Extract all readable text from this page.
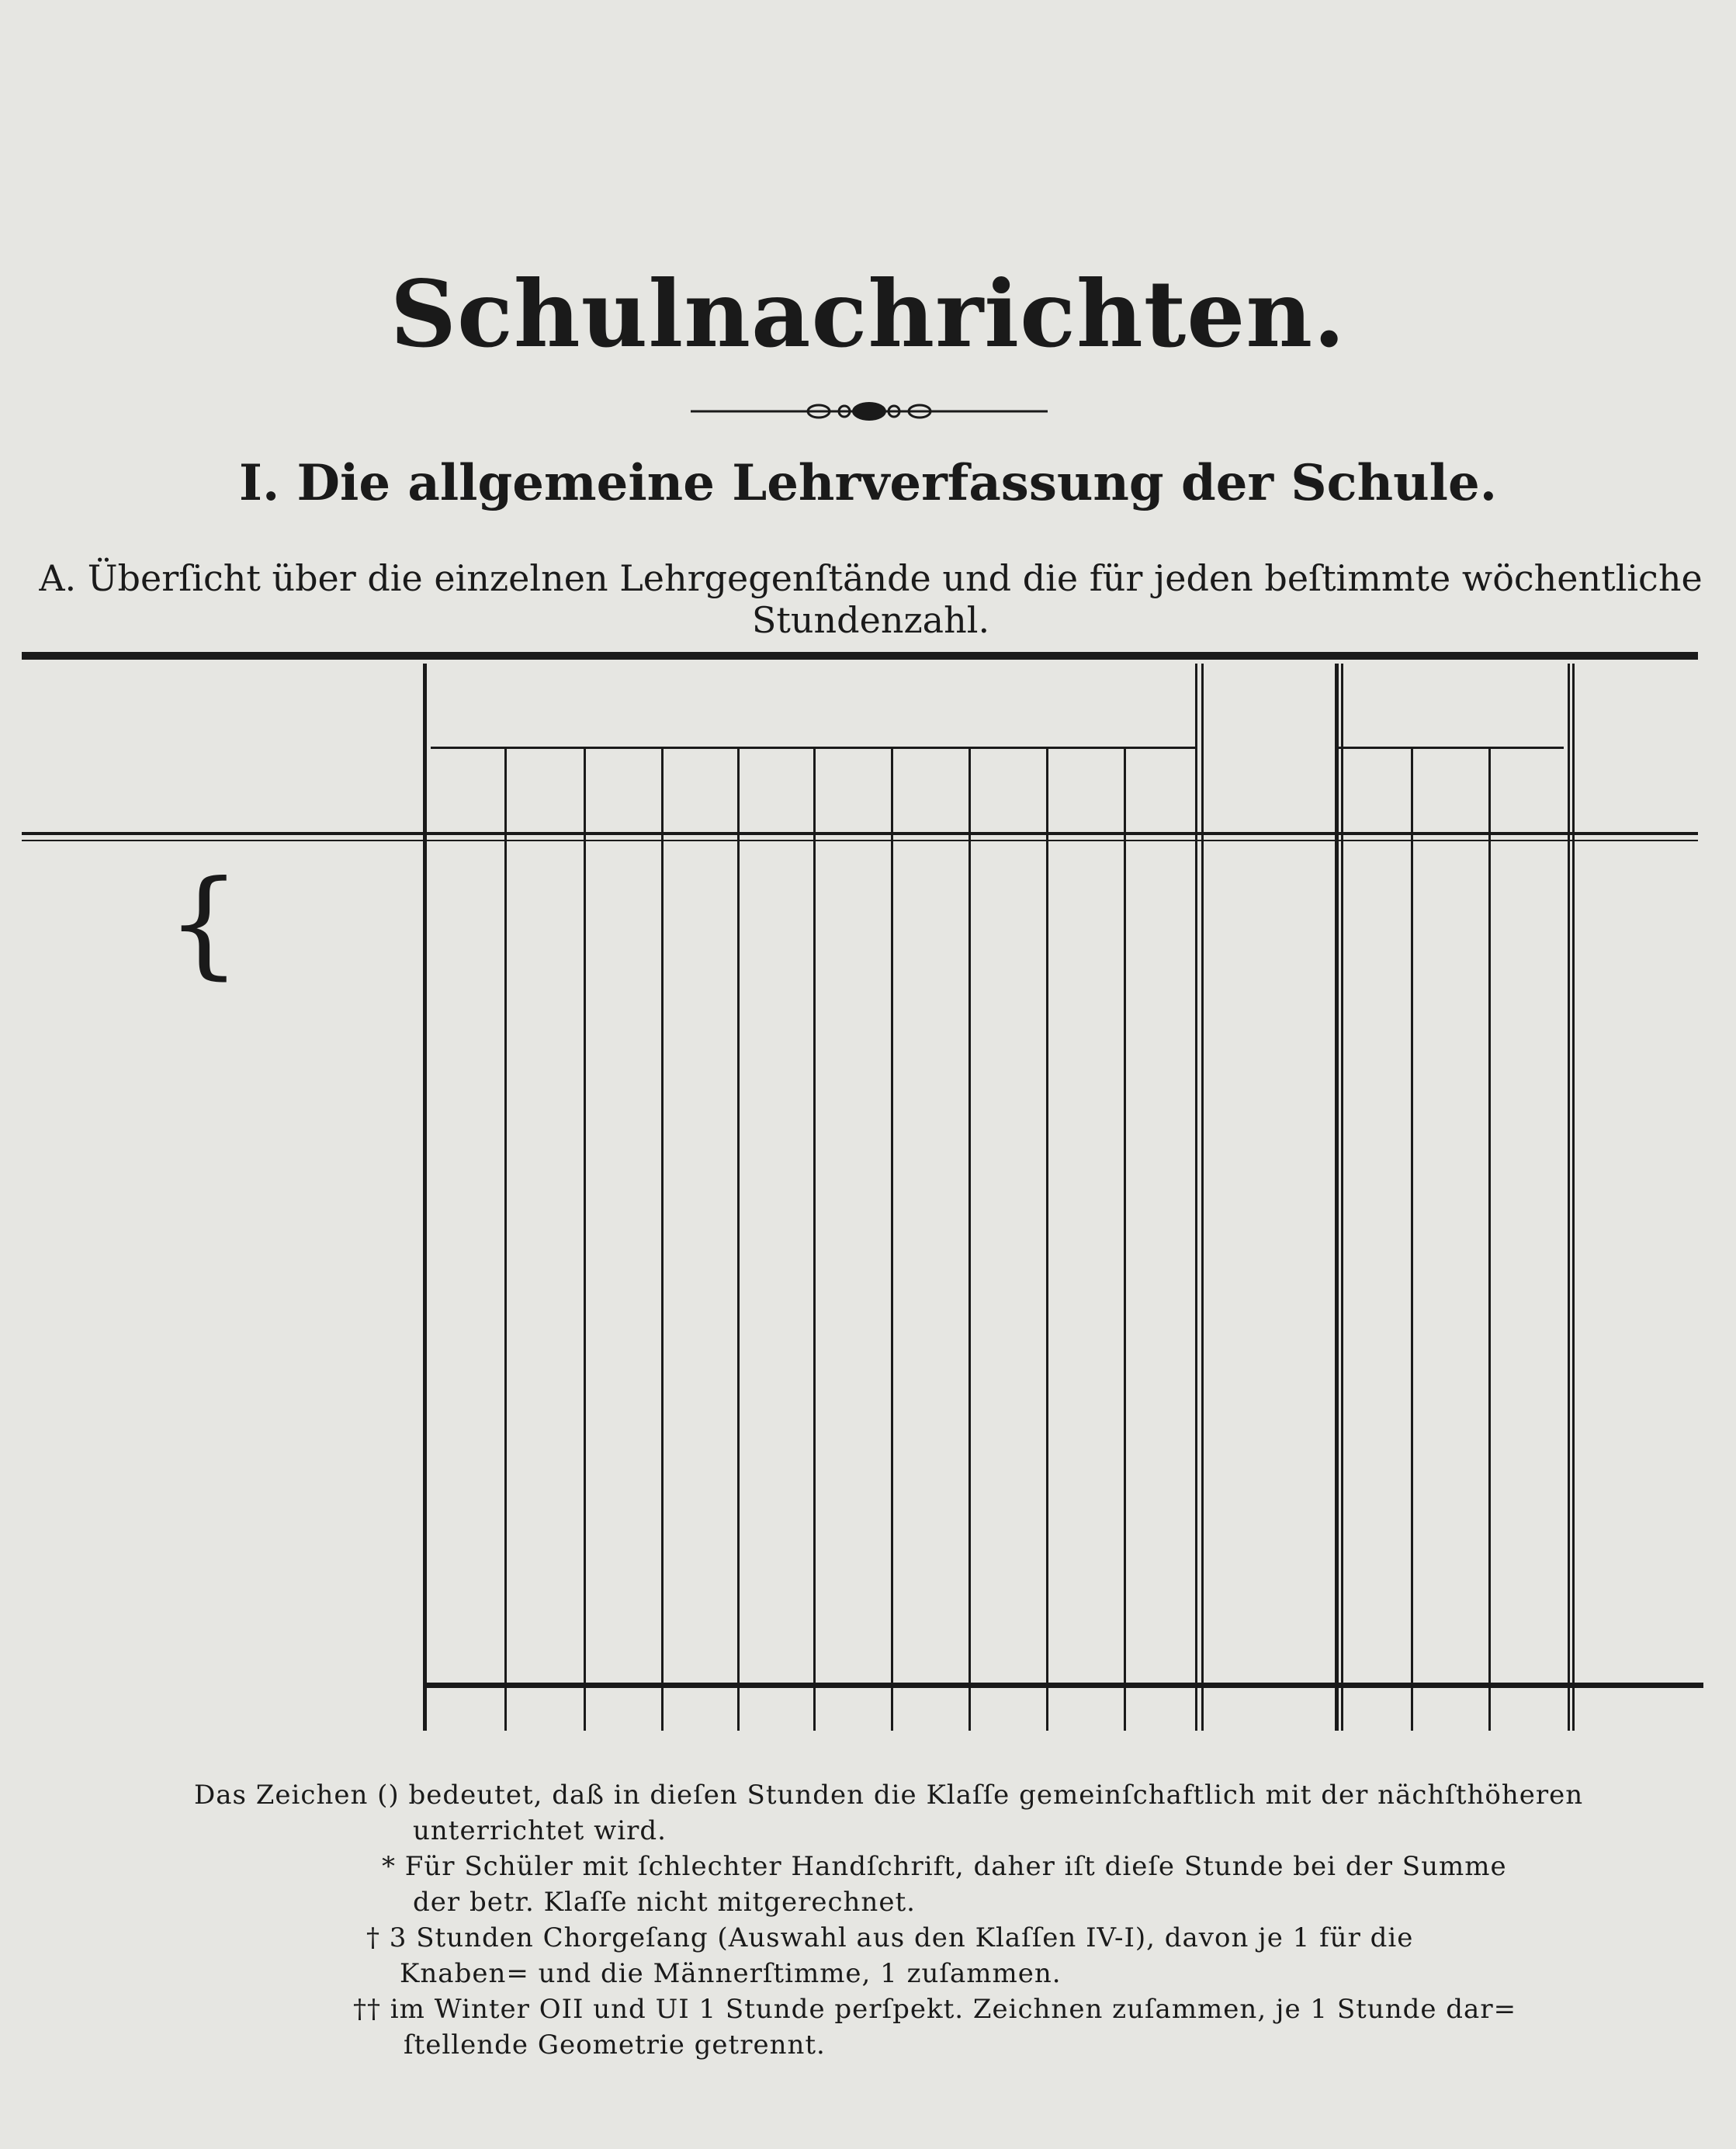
Schulnachrichten.
I. Die allgemeine Lehrverfassung der Schule.
A. Überſicht über die einzelnen Lehrgegenſtände und die für jeden beſtimmte wöchentliche Stundenzahl.
Das Zeichen () bedeutet, daß in dieſen Stunden die Klaſſe gemeinſchaftlich mit der nächſthöheren
unterrichtet wird.
* Für Schüler mit ſchlechter Handſchrift, daher iſt dieſe Stunde bei der Summe
der betr. Klaſſe nicht mitgerechnet.
† 3 Stunden Chorgeſang (Auswahl aus den Klaſſen IV-I), davon je 1 für die
Knaben= und die Männerſtimme, 1 zuſammen.
†† im Winter OII und UI 1 Stunde perſpekt. Zeichnen zuſammen, je 1 Stunde dar=
ſtellende Geometrie getrennt.
{
